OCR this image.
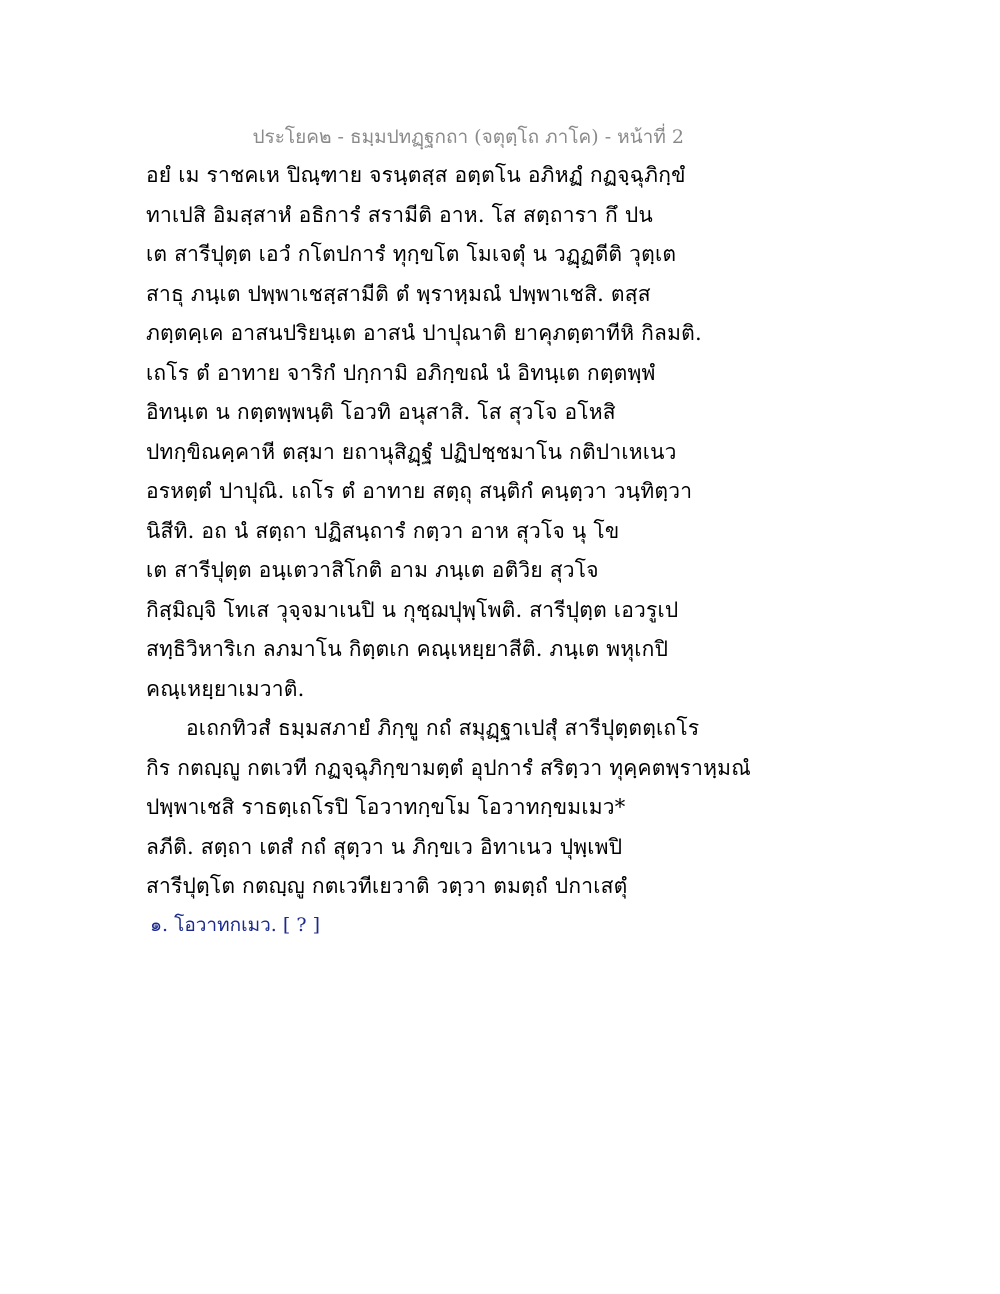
ประโยค๒ - ธมฺมปทฏฺฐกถา (จตุตฺโถ ภาโค) - หน้าที่ 2
อยํ เม ราชคเห ปิณฺฑาย จรนฺตสฺส อตฺตโน อภิหฏํ กฏจฺฉุภิกฺขํ
ทาเปสิ อิมสฺสาหํ อธิการํ สรามีติ อาห. โส สตฺถารา กึ ปน
เต สารีปุตฺต เอวํ กโตปการํ ทุกฺขโต โมเจตุํ น วฏฺฏตีติ วุตฺเต
สาธุ ภนฺเต ปพฺพาเชสฺสามีติ ตํ พฺราหฺมณํ ปพฺพาเชสิ. ตสฺส
ภตฺตคฺเค อาสนปริยนฺเต อาสนํ ปาปุณาติ ยาคุภตฺตาทีหิ กิลมติ.
เถโร ตํ อาทาย จาริกํ ปกฺกามิ อภิกฺขณํ นํ อิทนฺเต กตฺตพฺพํ
อิทนฺเต น กตฺตพฺพนฺติ โอวทิ อนุสาสิ. โส สุวโจ อโหสิ
ปทกฺขิณคฺคาหี ตสฺมา ยถานุสิฏฺฐํ ปฏิปชฺชมาโน กติปาเหเนว
อรหตฺตํ ปาปุณิ. เถโร ตํ อาทาย สตฺถุ สนฺติกํ คนฺตฺวา วนฺทิตฺวา
นิสีทิ. อถ นํ สตฺถา ปฏิสนฺถารํ กตฺวา อาห สุวโจ นุ โข
เต สารีปุตฺต อนฺเตวาสิโกติ อาม ภนฺเต อติวิย สุวโจ
กิสฺมิญฺจิ โทเส วุจฺจมาเนปิ น กุชฺฌปุพฺโพติ. สารีปุตฺต เอวรูเป
สทฺธิวิหาริเก ลภมาโน กิตฺตเก คณฺเหยฺยาสีติ. ภนฺเต พหุเกปิ
คณฺเหยฺยาเมวาติ.
อเถกทิวสํ ธมฺมสภายํ ภิกฺขู กถํ สมุฏฺฐาเปสุํ สารีปุตฺตตฺเถโร
กิร กตญฺญู กตเวที กฏจฺฉุภิกฺขามตฺตํ อุปการํ สริตฺวา ทุคฺคตพฺราหฺมณํ
ปพฺพาเชสิ ราธตฺเถโรปิ โอวาทกฺขโม โอวาทกฺขมเมว*
ลภีติ. สตฺถา เตสํ กถํ สุตฺวา น ภิกฺขเว อิทาเนว ปุพฺเพปิ
สารีปุตฺโต กตญฺญู กตเวทีเยวาติ วตฺวา ตมตฺถํ ปกาเสตุํ
๑. โอวาทกเมว. [ ? ]
